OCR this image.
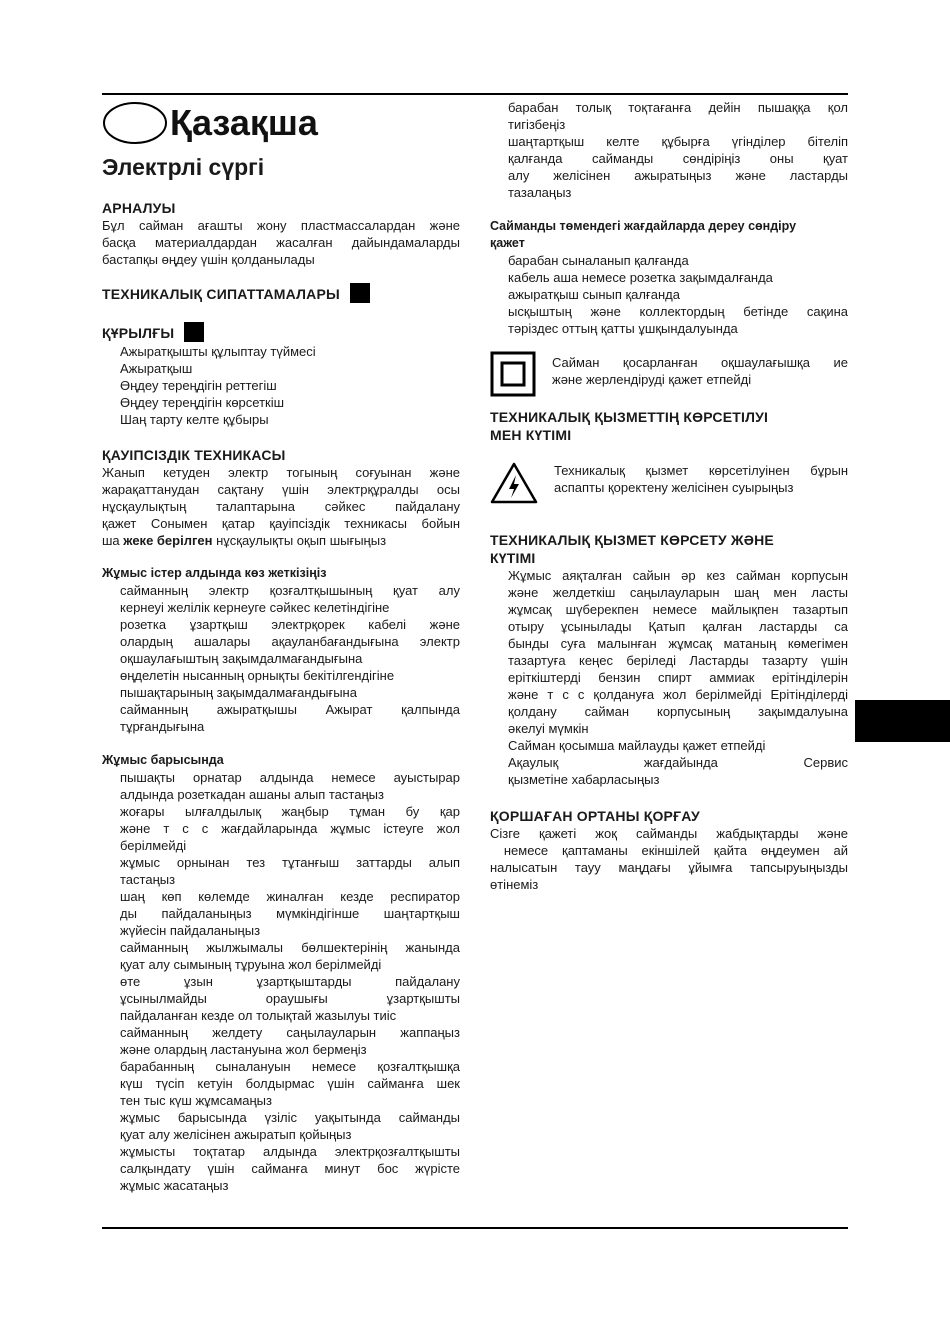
Қазақша
Электрлі сүргі
АРНАЛУЫ
Бұл сайман ағашты жону пластмассалардан және
басқа материалдардан жасалған дайындамаларды
бастапқы өңдеу үшін қолданылады
ТЕХНИКАЛЫҚ СИПАТТАМАЛАРЫ
ҚҰРЫЛҒЫ
Ажыратқышты құлыптау түймесі
Ажыратқыш
Өңдеу тереңдігін реттегіш
Өңдеу тереңдігін көрсеткіш
Шаң тарту келте құбыры
ҚАУІПСІЗДІК ТЕХНИКАСЫ
Жанып кетуден электр тогының соғуынан және
жарақаттанудан сақтану үшін электрқұралды осы
нұсқаулықтың талаптарына сәйкес пайдалану
қажет Сонымен қатар қауіпсіздік техникасы бойын
ша жеке берілген нұсқаулықты оқып шығыңыз
Жұмыс істер алдында көз жеткізіңіз
сайманның электр қозғалтқышының қуат алу
кернеуі желілік кернеуге сәйкес келетіндігіне
розетка ұзартқыш электрқорек кабелі және
олардың ашалары ақауланбағандығына электр
оқшаулағыштың зақымдалмағандығына
өңделетін нысанның орнықты бекітілгендігіне
пышақтарының зақымдалмағандығына
сайманның ажыратқышы Ажырат қалпында
тұрғандығына
Жұмыс барысында
пышақты орнатар алдында немесе ауыстырар
алдында розеткадан ашаны алып тастаңыз
жоғары ылғалдылық жаңбыр тұман бу қар
және т с с жағдайларында жұмыс істеуге жол
берілмейді
жұмыс орнынан тез тұтанғыш заттарды алып
тастаңыз
шаң көп көлемде жиналған кезде респиратор
ды пайдаланыңыз мүмкіндігінше шаңтартқыш
жүйесін пайдаланыңыз
сайманның жылжымалы бөлшектерінің жанында
қуат алу сымының тұруына жол берілмейді
өте ұзын ұзартқыштарды пайдалану
ұсынылмайды ораушығы ұзартқышты
пайдаланған кезде ол толықтай жазылуы тиіс
сайманның желдету саңылауларын жаппаңыз
және олардың ластануына жол бермеңіз
барабанның сыналануын немесе қозғалтқышқа
күш түсіп кетуін болдырмас үшін сайманға шек
тен тыс күш жұмсамаңыз
жұмыс барысында үзіліс уақытында сайманды
қуат алу желісінен ажыратып қойыңыз
жұмысты тоқтатар алдында электрқозғалтқышты
салқындату үшін сайманға минут бос жүрісте
жұмыс жасатаңыз
барабан толық тоқтағанға дейін пышаққа қол
тигізбеңіз
шаңтартқыш келте құбырға үгінділер бітеліп
қалғанда сайманды сөндіріңіз оны қуат
алу желісінен ажыратыңыз және ластарды
тазалаңыз
Сайманды төмендегі жағдайларда дереу сөндіру
қажет
барабан сыналанып қалғанда
кабель аша немесе розетка зақымдалғанда
ажыратқыш сынып қалғанда
ысқыштың және коллектордың бетінде сақина
тәріздес оттың қатты ұшқындалуында
Сайман қосарланған оқшаулағышқа ие
және жерлендіруді қажет етпейді
ТЕХНИКАЛЫҚ ҚЫЗМЕТТІҢ КӨРСЕТІЛУІ
МЕН КҮТІМІ
Техникалық қызмет көрсетілуінен бұрын
аспапты қоректену желісінен суырыңыз
ТЕХНИКАЛЫҚ ҚЫЗМЕТ КӨРСЕТУ ЖӘНЕ
КҮТІМІ
Жұмыс аяқталған сайын әр кез сайман корпусын
және желдеткіш саңылауларын шаң мен ласты
жұмсақ шүберекпен немесе майлықпен тазартып
отыру ұсынылады Қатып қалған ластарды са
бынды суға малынған жұмсақ матаның көмегімен
тазартуға кеңес беріледі Ластарды тазарту үшін
еріткіштерді бензин спирт аммиак ерітінділерін
және т с с қолдануға жол берілмейді Ерітінділерді
қолдану сайман корпусының зақымдалуына
әкелуі мүмкін
Сайман қосымша майлауды қажет етпейді
Ақаулық жағдайында Сервис
қызметіне хабарласыңыз
ҚОРШАҒАН ОРТАНЫ ҚОРҒАУ
Сізге қажеті жоқ сайманды жабдықтарды және
немесе қаптаманы екіншілей қайта өңдеумен ай
налысатын тауу маңдағы ұйымға тапсыруыңызды
өтінеміз
